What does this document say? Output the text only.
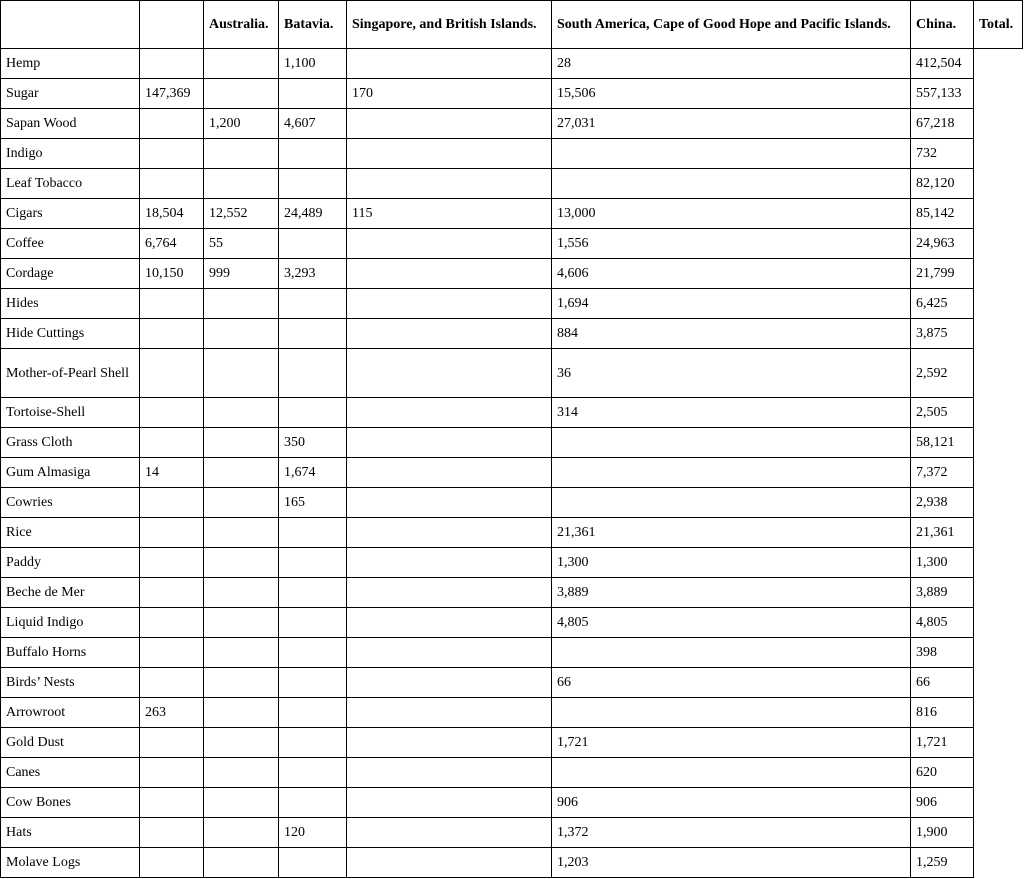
		Australia.	Batavia.	Singapore, and British Islands.	South America, Cape of Good Hope and Pacific Islands.	China.	Total.
Hemp			1,100		28	412,504	
Sugar	147,369			170	15,506	557,133	
Sapan Wood		1,200	4,607		27,031	67,218	
Indigo						732	
Leaf Tobacco						82,120	
Cigars	18,504	12,552	24,489	115	13,000	85,142	
Coffee	6,764	55			1,556	24,963	
Cordage	10,150	999	3,293		4,606	21,799	
Hides					1,694	6,425	
Hide Cuttings					884	3,875	
Mother-of-Pearl Shell					36	2,592	
Tortoise-Shell					314	2,505	
Grass Cloth			350			58,121	
Gum Almasiga	14		1,674			7,372	
Cowries			165			2,938	
Rice					21,361	21,361	
Paddy					1,300	1,300	
Beche de Mer					3,889	3,889	
Liquid Indigo					4,805	4,805	
Buffalo Horns						398	
Birds’ Nests					66	66	
Arrowroot	263					816	
Gold Dust					1,721	1,721	
Canes						620	
Cow Bones					906	906	
Hats			120		1,372	1,900	
Molave Logs					1,203	1,259	
